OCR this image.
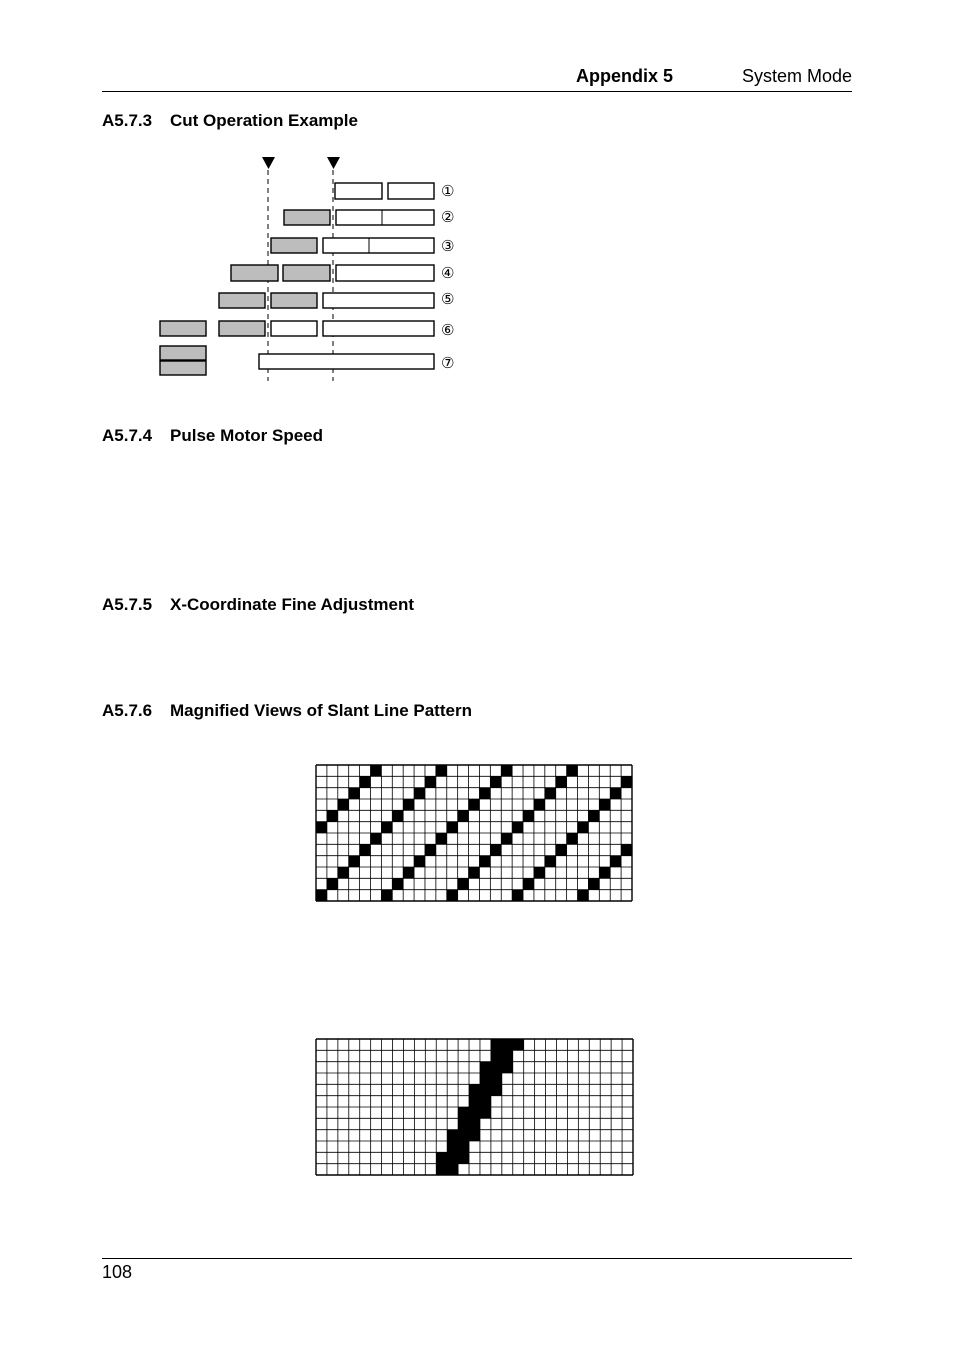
Appendix 5	System Mode
A5.7.3 Cut Operation Example
A5.7.4 Pulse Motor Speed
A5.7.5 X-Coordinate Fine Adjustment
A5.7.6 Magnified Views of Slant Line Pattern
①
②
③
④
⑤
⑥
⑦
108
